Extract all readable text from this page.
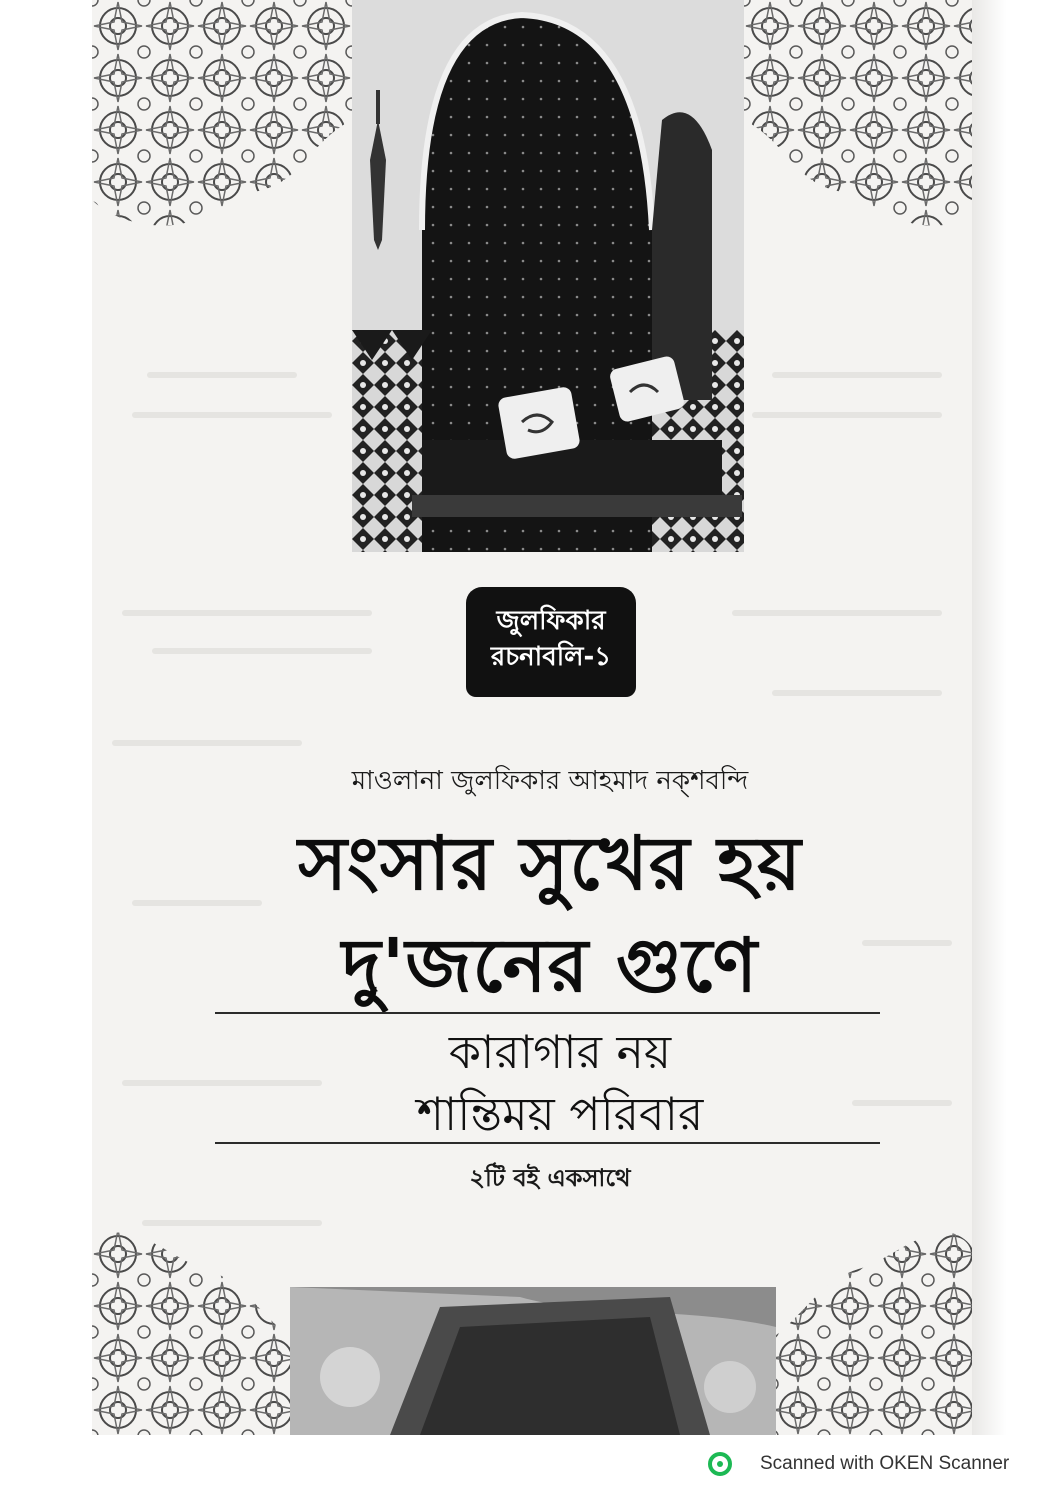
জুলফিকার
রচনাবলি-১
মাওলানা জুলফিকার আহমাদ নক্‌শবন্দি
সংসার সুখের হয়
দু'জনের গুণে
কারাগার নয়
শান্তিময় পরিবার
২টি বই একসাথে
Scanned with OKEN Scanner
